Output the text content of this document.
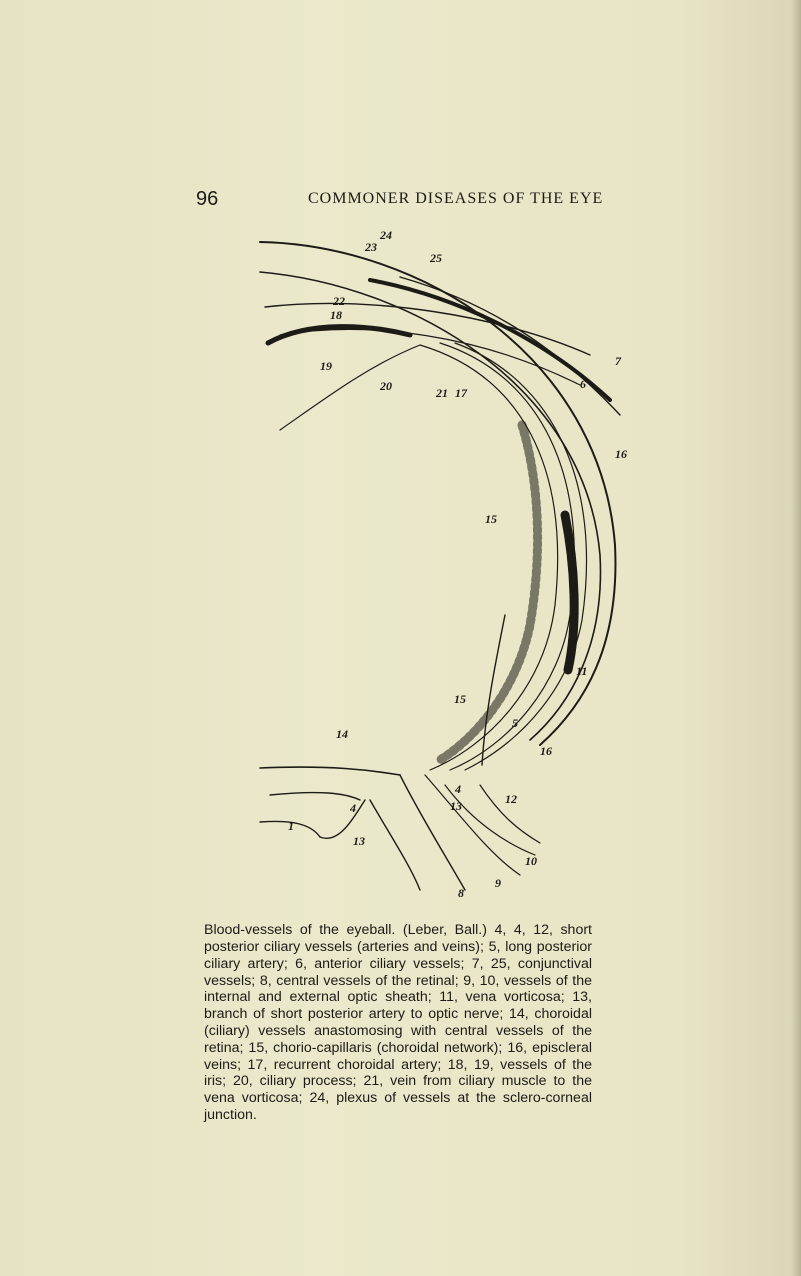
96	COMMONER DISEASES OF THE EYE
24
23
25
22
18
19
20	21 17
7
6
16
15
11
15
14
5
16
4
12
13
4
13
1
10
9
8

Blood-vessels of the eyeball. (Leber, Ball.) 4, 4, 12, short posterior ciliary vessels (arteries and veins); 5, long posterior ciliary artery; 6, anterior ciliary vessels; 7, 25, conjunctival vessels; 8, central vessels of the retinal; 9, 10, vessels of the internal and external optic sheath; 11, vena vorticosa; 13, branch of short posterior artery to optic nerve; 14, choroidal (ciliary) vessels anastomosing with central vessels of the retina; 15, chorio-capillaris (choroidal network); 16, episcleral veins; 17, recurrent choroidal artery; 18, 19, vessels of the iris; 20, ciliary process; 21, vein from ciliary muscle to the vena vorticosa; 24, plexus of vessels at the sclero-corneal junction.
